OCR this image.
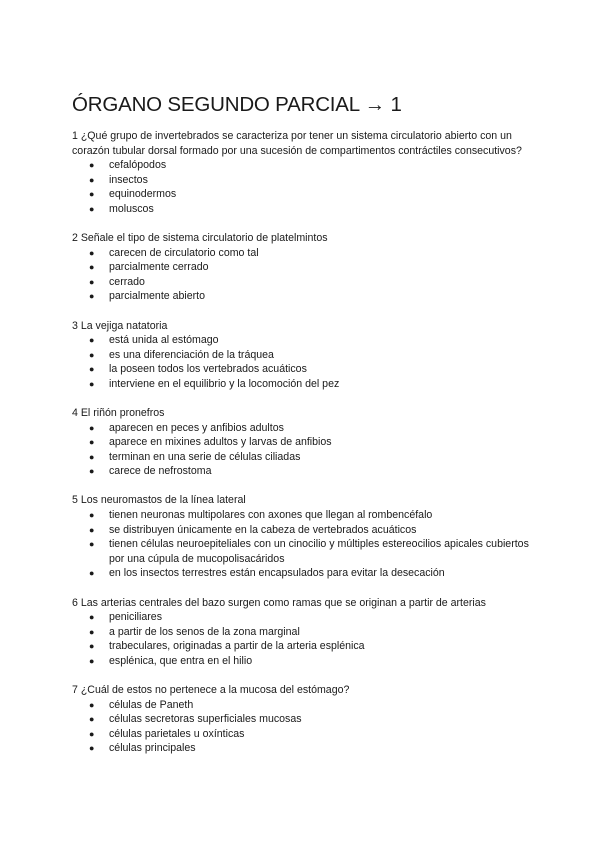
ÓRGANO SEGUNDO PARCIAL → 1

1 ¿Qué grupo de invertebrados se caracteriza por tener un sistema circulatorio abierto con un corazón tubular dorsal formado por una sucesión de compartimentos contráctiles consecutivos?

● cefalópodos
● insectos
● equinodermos
● moluscos

2 Señale el tipo de sistema circulatorio de platelmintos

● carecen de circulatorio como tal
● parcialmente cerrado
● cerrado
● parcialmente abierto

3 La vejiga natatoria

● está unida al estómago
● es una diferenciación de la tráquea
● la poseen todos los vertebrados acuáticos
● interviene en el equilibrio y la locomoción del pez

4 El riñón pronefros

● aparecen en peces y anfibios adultos
● aparece en mixines adultos y larvas de anfibios
● terminan en una serie de células ciliadas
● carece de nefrostoma

5 Los neuromastos de la línea lateral

● tienen neuronas multipolares con axones que llegan al rombencéfalo
● se distribuyen únicamente en la cabeza de vertebrados acuáticos
● tienen células neuroepiteliales con un cinocilio y múltiples estereocilios apicales cubiertos por una cúpula de mucopolisacáridos
● en los insectos terrestres están encapsulados para evitar la desecación

6 Las arterias centrales del bazo surgen como ramas que se originan a partir de arterias

● peniciliares
● a partir de los senos de la zona marginal
● trabeculares, originadas a partir de la arteria esplénica
● esplénica, que entra en el hilio

7 ¿Cuál de estos no pertenece a la mucosa del estómago?

● células de Paneth
● células secretoras superficiales mucosas
● células parietales u oxínticas
● células principales
